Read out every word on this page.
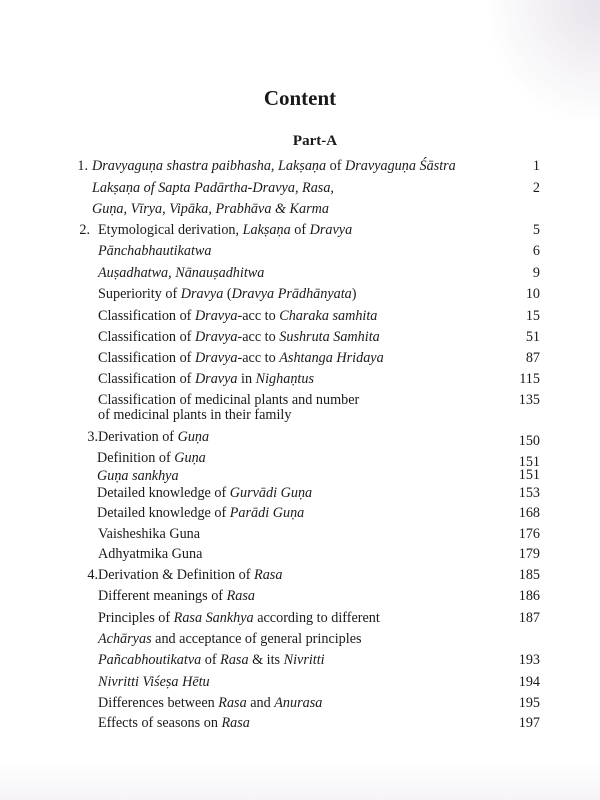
Content
Part-A
1. Dravyaguṇa shastra paibhasha, Lakṣaṇa of Dravyaguṇa Śāstra	1
Lakṣaṇa of Sapta Padārtha-Dravya, Rasa,	2
Guṇa, Vīrya, Vipāka, Prabhāva & Karma
2. Etymological derivation, Lakṣaṇa of Dravya	5
Pānchabhautikatwa	6
Auṣadhatwa, Nānauṣadhitwa	9
Superiority of Dravya (Dravya Prādhānyata)	10
Classification of Dravya-acc to Charaka samhita	15
Classification of Dravya-acc to Sushruta Samhita	51
Classification of Dravya-acc to Ashtanga Hridaya	87
Classification of Dravya in Nighaṇtus	115
Classification of medicinal plants and number	135
of medicinal plants in their family
3. Derivation of Guṇa	150
Definition of Guṇa	151
Guṇa sankhya	151
Detailed knowledge of Gurvādi Guṇa	153
Detailed knowledge of Parādi Guṇa	168
Vaisheshika Guna	176
Adhyatmika Guna	179
4. Derivation & Definition of Rasa	185
Different meanings of Rasa	186
Principles of Rasa Sankhya according to different	187
Achāryas and acceptance of general principles
Pañcabhoutikatva of Rasa & its Nivritti	193
Nivritti Viśeṣa Hētu	194
Differences between Rasa and Anurasa	195
Effects of seasons on Rasa	197
